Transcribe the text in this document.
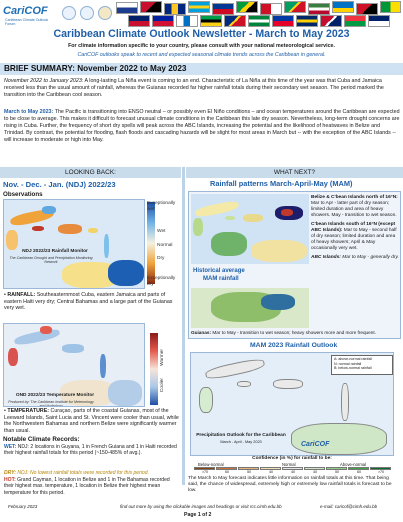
CariCOF
Caribbean Climate Outlook Forum
Caribbean Climate Outlook Newsletter - March to May 2023
For climate information specific to your country, please consult with your national meteorological service.
CariCOF outlooks speak to recent and expected seasonal climate trends across the Caribbean in general.
BRIEF SUMMARY: November 2022 to May 2023
November 2022 to January 2023: A long-lasting La Niña event is coming to an end. Characteristic of La Niña at this time of the year was that Cuba and Jamaica received less than the usual amount of rainfall, whereas the Guianas recorded far higher rainfall totals during their secondary wet season. The period marked the transition into the Caribbean cool season.
March to May 2023: The Pacific is transitioning into ENSO neutral – or possibly even El Niño conditions – and ocean temperatures around the Caribbean are expected to be close to average. This makes it difficult to forecast unusual climate conditions in the Caribbean this late dry season. Nevertheless, long-term drought concerns are rising in Cuba. Further, the frequency of short dry spells will peak across the ABC Islands, increasing the potential and the likelihood of heatwaves in Belize and Trinidad. By contrast, the potential for flooding, flash floods and cascading hazards will be slight for most areas in March but -- with the exception of the ABC Islands -- will increase to moderate or high into May.
LOOKING BACK:	WHAT NEXT?
Nov. - Dec. - Jan. (NDJ) 2022/23
Observations
NDJ 2022/23 Rainfall Monitor
The Caribbean Drought and Precipitation Monitoring Network
Exceptionally wet
Wet
Normal
Dry
Exceptionally dry
• RAINFALL: Southeasternmost Cuba, eastern Jamaica and parts of eastern Haiti very dry; Central Bahamas and a large part of the Guianas very wet.
OND 2022/23 Temperature Monitor
Produced by: The Caribbean Institute for Meteorology and Hydrology
Warmer
Cooler
• TEMPERATURE: Curaçao, parts of the coastal Guianas, most of the Leeward Islands, Saint Lucia and St. Vincent were cooler than usual, while the Northwestern Bahamas and northern Belize were significantly warmer than usual.
Notable Climate Records:
WET: NDJ: 2 locations in Guyana, 1 in French Guiana and 1 in Haiti recorded their highest rainfall totals for this period (~150-485% of avg.).
DRY: NDJ: No lowest rainfall totals were recorded for this period.
HOT: Grand Cayman, 1 location in Belize and 1 in The Bahamas recorded their highest max. temperature, 1 location in Belize their highest mean temperature for this period.
Rainfall patterns March-April-May (MAM)
Historical average
MAM rainfall
Belize & C'bean Islands north of 16°N: Mar to Apr - latter part of dry season; limited duration and area of heavy showers. May - transition to wet season.
C'bean Islands south of 16°N (except ABC Islands): Mar to May - second half of dry season; limited duration and area of heavy showers; April & May occasionally very wet.
ABC Islands: Mar to May - generally dry.
Guianas: Mar to May - transition to wet season; heavy showers more and more frequent.
MAM 2023 Rainfall Outlook
A: above-normal rainfall
N: normal rainfall
B: below-normal rainfall
Precipitation Outlook for the Caribbean
March - April - May 2023	CariCOF
Confidence (in %) for rainfall to be:
Below-normal	Normal	Above-normal
>70	60	50	40	40	40	50	60	>70
The March to May forecast indicates little information on rainfall totals at this time. That being said, the chance of widespread, extremely high or extremely low rainfall totals is forecast to be low.
February 2023	find out more by using the clickable images and headings or visit rcc.cimh.edu.bb	e-mail: caricof@cimh.edu.bb
Page 1 of 2
